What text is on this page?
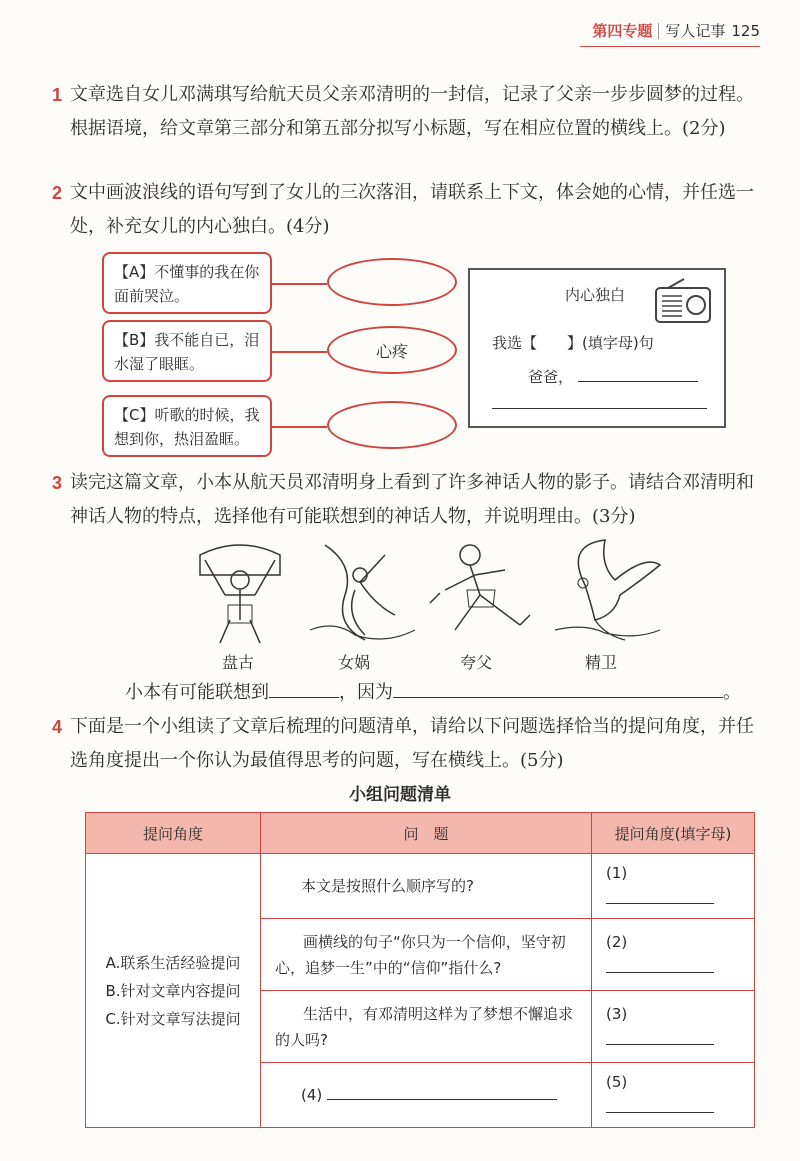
第四专题 写人记事 125
1 文章选自女儿邓满琪写给航天员父亲邓清明的一封信，记录了父亲一步步圆梦的过程。根据语境，给文章第三部分和第五部分拟写小标题，写在相应位置的横线上。(2分)
2 文中画波浪线的语句写到了女儿的三次落泪，请联系上下文，体会她的心情，并任选一处，补充女儿的内心独白。(4分)
【A】不懂事的我在你面前哭泣。
【B】我不能自已，泪水湿了眼眶。
【C】听歌的时候，我想到你，热泪盈眶。
心疼
内心独白
我选【　　】(填字母)句
爸爸，
3 读完这篇文章，小本从航天员邓清明身上看到了许多神话人物的影子。请结合邓清明和神话人物的特点，选择他有可能联想到的神话人物，并说明理由。(3分)
盘古	女娲	夸父	精卫
小本有可能联想到	，因为	。
4 下面是一个小组读了文章后梳理的问题清单，请给以下问题选择恰当的提问角度，并任选角度提出一个你认为最值得思考的问题，写在横线上。(5分)
小组问题清单
提问角度	问　题	提问角度(填字母)

A.联系生活经验提问
B.针对文章内容提问
C.针对文章写法提问	本文是按照什么顺序写的?	(1)
	画横线的句子“你只为一个信仰，坚守初心，追梦一生”中的“信仰”指什么?	(2)
	生活中，有邓清明这样为了梦想不懈追求的人吗?	(3)
	(4)	(5)
